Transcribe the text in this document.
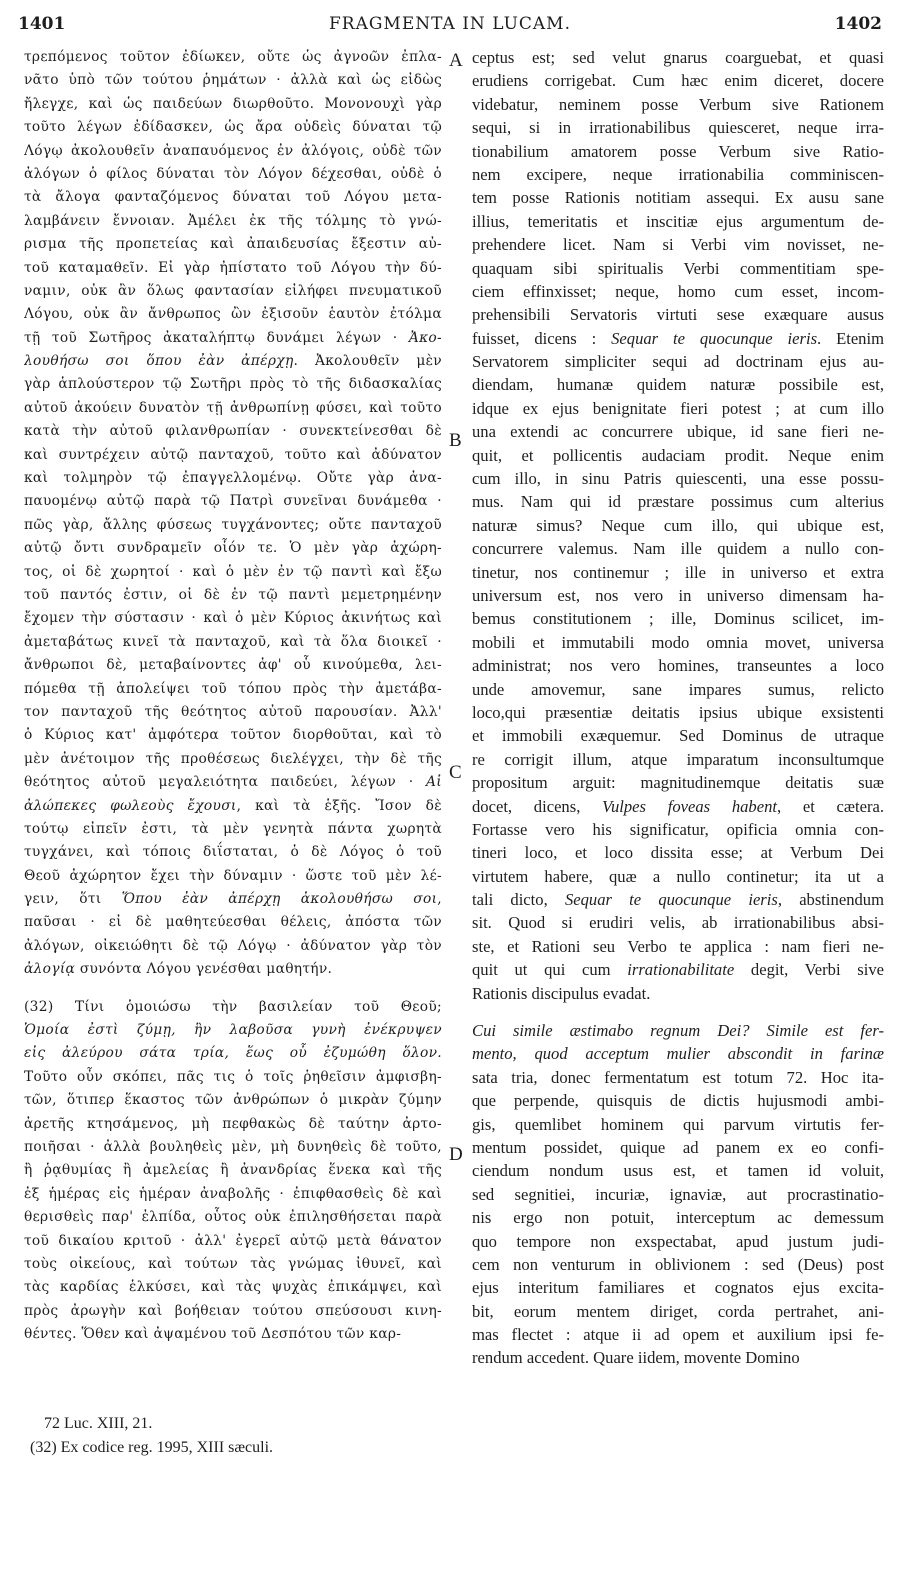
1401	FRAGMENTA IN LUCAM.	1402
τρεπόμενος τοῦτον ἐδίωκεν, οὔτε ὡς ἀγνοῶν ἐπλα-
νᾶτο ὑπὸ τῶν τούτου ῥημάτων · ἀλλὰ καὶ ὡς εἰδὼς
ἤλεγχε, καὶ ὡς παιδεύων διωρθοῦτο. Μονονουχὶ γὰρ
τοῦτο λέγων ἐδίδασκεν, ὡς ἄρα οὐδεὶς δύναται τῷ
Λόγῳ ἀκολουθεῖν ἀναπαυόμενος ἐν ἀλόγοις, οὐδὲ τῶν
ἀλόγων ὁ φίλος δύναται τὸν Λόγον δέχεσθαι, οὐδὲ ὁ
τὰ ἄλογα φανταζόμενος δύναται τοῦ Λόγου μετα-
λαμβάνειν ἔννοιαν. Ἀμέλει ἐκ τῆς τόλμης τὸ γνώ-
ρισμα τῆς προπετείας καὶ ἀπαιδευσίας ἔξεστιν αὐ-
τοῦ καταμαθεῖν. Εἰ γὰρ ἠπίστατο τοῦ Λόγου τὴν δύ-
ναμιν, οὐκ ἂν ὅλως φαντασίαν εἰλήφει πνευματικοῦ
Λόγου, οὐκ ἂν ἄνθρωπος ὢν ἐξισοῦν ἑαυτὸν ἐτόλμα
τῇ τοῦ Σωτῆρος ἀκαταλήπτῳ δυνάμει λέγων · Ἀκο-
λουθήσω σοι ὅπου ἐὰν ἀπέρχῃ. Ἀκολουθεῖν μὲν
γὰρ ἁπλούστερον τῷ Σωτῆρι πρὸς τὸ τῆς διδασκαλίας
αὐτοῦ ἀκούειν δυνατὸν τῇ ἀνθρωπίνῃ φύσει, καὶ τοῦτο
κατὰ τὴν αὐτοῦ φιλανθρωπίαν · συνεκτείνεσθαι δὲ
καὶ συντρέχειν αὐτῷ πανταχοῦ, τοῦτο καὶ ἀδύνατον
καὶ τολμηρὸν τῷ ἐπαγγελλομένῳ. Οὔτε γὰρ ἀνα-
παυομένῳ αὐτῷ παρὰ τῷ Πατρὶ συνεῖναι δυνάμεθα ·
πῶς γὰρ, ἄλλης φύσεως τυγχάνοντες; οὔτε πανταχοῦ
αὐτῷ ὄντι συνδραμεῖν οἷόν τε. Ὁ μὲν γὰρ ἀχώρη-
τος, οἱ δὲ χωρητοί · καὶ ὁ μὲν ἐν τῷ παντὶ καὶ ἔξω
τοῦ παντός ἐστιν, οἱ δὲ ἐν τῷ παντὶ μεμετρημένην
ἔχομεν τὴν σύστασιν · καὶ ὁ μὲν Κύριος ἀκινήτως καὶ
ἀμεταβάτως κινεῖ τὰ πανταχοῦ, καὶ τὰ ὅλα διοικεῖ ·
ἄνθρωποι δὲ, μεταβαίνοντες ἀφ' οὗ κινούμεθα, λει-
πόμεθα τῇ ἀπολείψει τοῦ τόπου πρὸς τὴν ἀμετάβα-
τον πανταχοῦ τῆς θεότητος αὐτοῦ παρουσίαν. Ἀλλ'
ὁ Κύριος κατ' ἀμφότερα τοῦτον διορθοῦται, καὶ τὸ
μὲν ἀνέτοιμον τῆς προθέσεως διελέγχει, τὴν δὲ τῆς
θεότητος αὐτοῦ μεγαλειότητα παιδεύει, λέγων · Αἱ
ἀλώπεκες φωλεοὺς ἔχουσι, καὶ τὰ ἑξῆς. Ἴσον δὲ
τούτῳ εἰπεῖν ἐστι, τὰ μὲν γενητὰ πάντα χωρητὰ
τυγχάνει, καὶ τόποις διΐσταται, ὁ δὲ Λόγος ὁ τοῦ
Θεοῦ ἀχώρητον ἔχει τὴν δύναμιν · ὥστε τοῦ μὲν λέ-
γειν, ὅτι Ὅπου ἐὰν ἀπέρχῃ ἀκολουθήσω σοι,
παῦσαι · εἰ δὲ μαθητεύεσθαι θέλεις, ἀπόστα τῶν
ἀλόγων, οἰκειώθητι δὲ τῷ Λόγῳ · ἀδύνατον γὰρ τὸν
ἀλογίᾳ συνόντα Λόγου γενέσθαι μαθητήν.
(32) Τίνι ὁμοιώσω τὴν βασιλείαν τοῦ Θεοῦ;
Ὁμοία ἐστὶ ζύμῃ, ἣν λαβοῦσα γυνὴ ἐνέκρυψεν
εἰς ἀλεύρου σάτα τρία, ἕως οὗ ἐζυμώθη ὅλον.
Τοῦτο οὖν σκόπει, πᾶς τις ὁ τοῖς ῥηθεῖσιν ἀμφισβη-
τῶν, ὅτιπερ ἕκαστος τῶν ἀνθρώπων ὁ μικρὰν ζύμην
ἀρετῆς κτησάμενος, μὴ πεφθακὼς δὲ ταύτην ἀρτο-
ποιῆσαι · ἀλλὰ βουληθεὶς μὲν, μὴ δυνηθεὶς δὲ τοῦτο,
ἢ ῥᾳθυμίας ἢ ἀμελείας ἢ ἀνανδρίας ἕνεκα καὶ τῆς
ἐξ ἡμέρας εἰς ἡμέραν ἀναβολῆς · ἐπιφθασθεὶς δὲ καὶ
θερισθεὶς παρ' ἐλπίδα, οὗτος οὐκ ἐπιλησθήσεται παρὰ
τοῦ δικαίου κριτοῦ · ἀλλ' ἐγερεῖ αὐτῷ μετὰ θάνατον
τοὺς οἰκείους, καὶ τούτων τὰς γνώμας ἰθυνεῖ, καὶ
τὰς καρδίας ἑλκύσει, καὶ τὰς ψυχὰς ἐπικάμψει, καὶ
πρὸς ἀρωγὴν καὶ βοήθειαν τούτου σπεύσουσι κινη-
θέντες. Ὅθεν καὶ ἀψαμένου τοῦ Δεσπότου τῶν καρ-
ceptus est; sed velut gnarus coarguebat, et quasi
erudiens corrigebat. Cum hæc enim diceret, docere
videbatur, neminem posse Verbum sive Rationem
sequi, si in irrationabilibus quiesceret, neque irra-
tionabilium amatorem posse Verbum sive Ratio-
nem excipere, neque irrationabilia comminiscen-
tem posse Rationis notitiam assequi. Ex ausu sane
illius, temeritatis et inscitiæ ejus argumentum de-
prehendere licet. Nam si Verbi vim novisset, ne-
quaquam sibi spiritualis Verbi commentitiam spe-
ciem effinxisset; neque, homo cum esset, incom-
prehensibili Servatoris virtuti sese exæquare ausus
fuisset, dicens : Sequar te quocunque ieris. Etenim
Servatorem simpliciter sequi ad doctrinam ejus au-
diendam, humanæ quidem naturæ possibile est,
idque ex ejus benignitate fieri potest ; at cum illo
una extendi ac concurrere ubique, id sane fieri ne-
quit, et pollicentis audaciam prodit. Neque enim
cum illo, in sinu Patris quiescenti, una esse possu-
mus. Nam qui id præstare possimus cum alterius
naturæ simus? Neque cum illo, qui ubique est,
concurrere valemus. Nam ille quidem a nullo con-
tinetur, nos continemur ; ille in universo et extra
universum est, nos vero in universo dimensam ha-
bemus constitutionem ; ille, Dominus scilicet, im-
mobili et immutabili modo omnia movet, universa
administrat; nos vero homines, transeuntes a loco
unde amovemur, sane impares sumus, relicto
loco,qui præsentiæ deitatis ipsius ubique exsistenti
et immobili exæquemur. Sed Dominus de utraque
re corrigit illum, atque imparatum inconsultumque
propositum arguit: magnitudinemque deitatis suæ
docet, dicens, Vulpes foveas habent, et cætera.
Fortasse vero his significatur, opificia omnia con-
tineri loco, et loco dissita esse; at Verbum Dei
virtutem habere, quæ a nullo continetur; ita ut a
tali dicto, Sequar te quocunque ieris, abstinendum
sit. Quod si erudiri velis, ab irrationabilibus absi-
ste, et Rationi seu Verbo te applica : nam fieri ne-
quit ut qui cum irrationabilitate degit, Verbi sive
Rationis discipulus evadat.
Cui simile æstimabo regnum Dei? Simile est fer-
mento, quod acceptum mulier abscondit in farinæ
sata tria, donec fermentatum est totum 72. Hoc ita-
que perpende, quisquis de dictis hujusmodi ambi-
gis, quemlibet hominem qui parvum virtutis fer-
mentum possidet, quique ad panem ex eo confi-
ciendum nondum usus est, et tamen id voluit,
sed segnitiei, incuriæ, ignaviæ, aut procrastinatio-
nis ergo non potuit, interceptum ac demessum
quo tempore non exspectabat, apud justum judi-
cem non venturum in oblivionem : sed (Deus) post
ejus interitum familiares et cognatos ejus excita-
bit, eorum mentem diriget, corda pertrahet, ani-
mas flectet : atque ii ad opem et auxilium ipsi fe-
rendum accedent. Quare iidem, movente Domino
A
B
C
D
72 Luc. XIII, 21.
(32) Ex codice reg. 1995, XIII sæculi.
